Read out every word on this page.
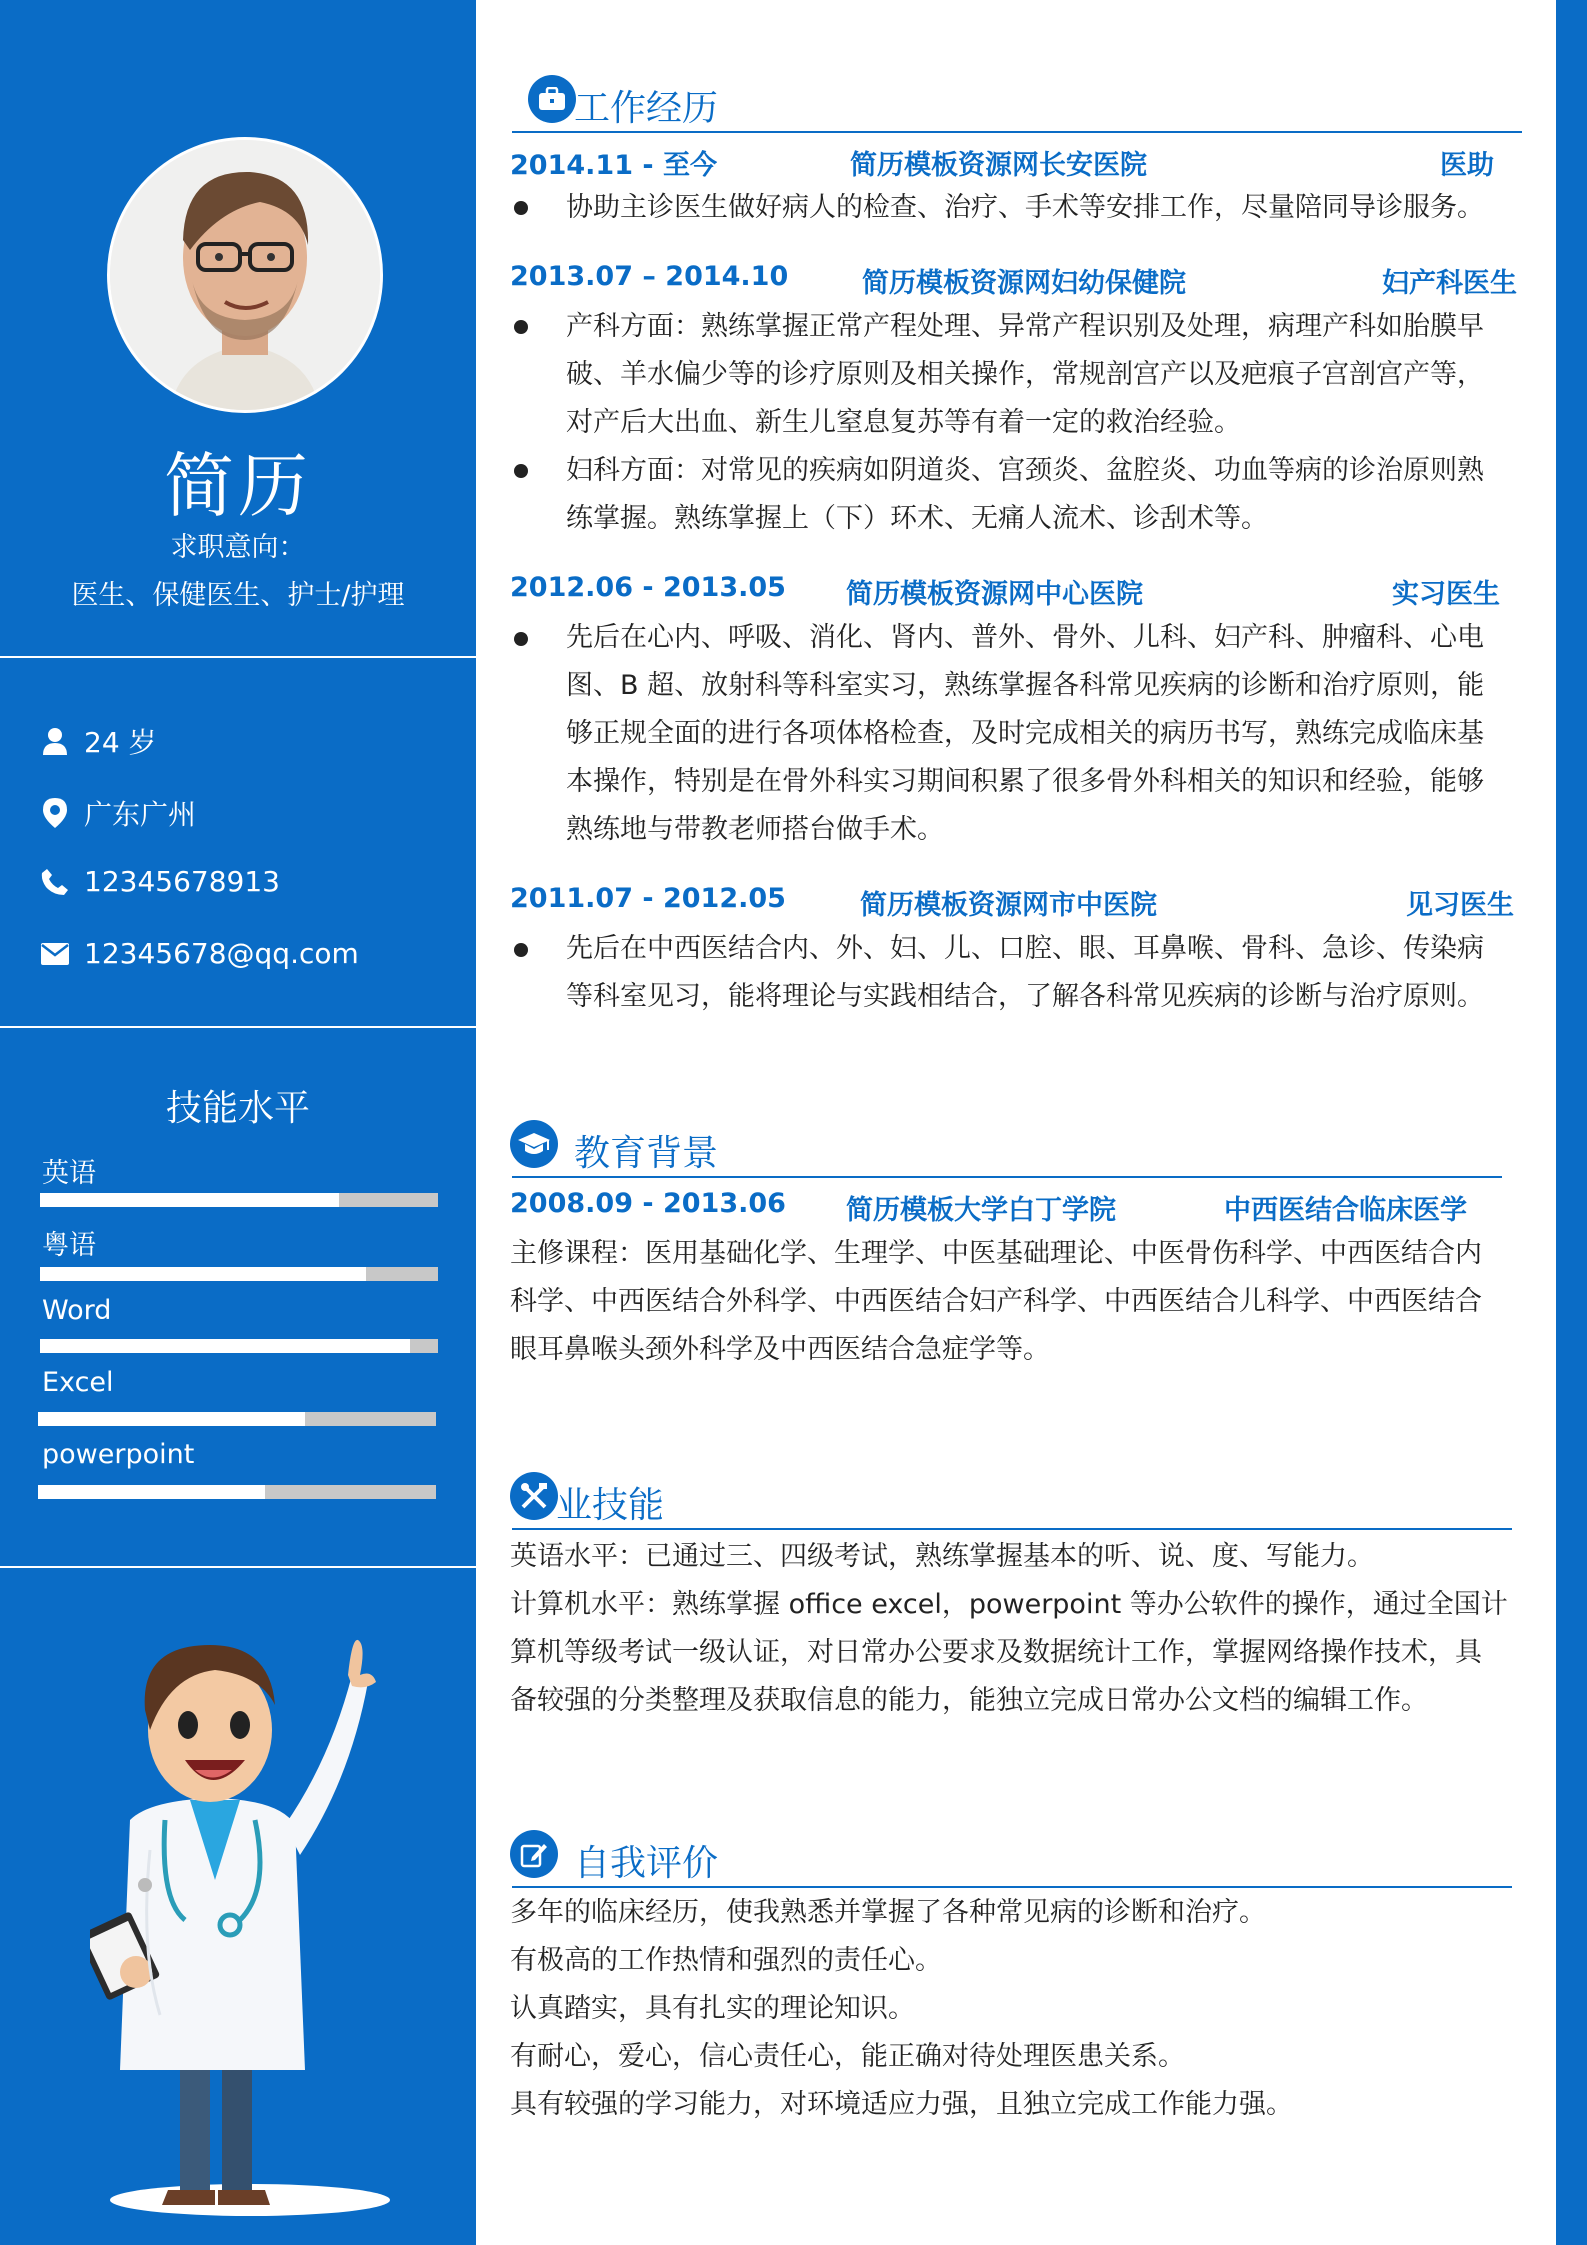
简历
求职意向：
医生、保健医生、护士/护理
24 岁
广东广州
12345678913
12345678@qq.com
技能水平
英语
粤语
Word
Excel
powerpoint
工作经历
2014.11 - 至今	简历模板资源网长安医院	医助
协助主诊医生做好病人的检查、治疗、手术等安排工作，尽量陪同导诊服务。
2013.07 – 2014.10	简历模板资源网妇幼保健院	妇产科医生
产科方面：熟练掌握正常产程处理、异常产程识别及处理，病理产科如胎膜早
破、羊水偏少等的诊疗原则及相关操作，常规剖宫产以及疤痕子宫剖宫产等，
对产后大出血、新生儿窒息复苏等有着一定的救治经验。
妇科方面：对常见的疾病如阴道炎、宫颈炎、盆腔炎、功血等病的诊治原则熟
练掌握。熟练掌握上（下）环术、无痛人流术、诊刮术等。
2012.06 - 2013.05 简历模板资源网中心医院	实习医生
先后在心内、呼吸、消化、肾内、普外、骨外、儿科、妇产科、肿瘤科、心电
图、B 超、放射科等科室实习，熟练掌握各科常见疾病的诊断和治疗原则，能
够正规全面的进行各项体格检查，及时完成相关的病历书写，熟练完成临床基
本操作，特别是在骨外科实习期间积累了很多骨外科相关的知识和经验，能够
熟练地与带教老师搭台做手术。
2011.07 - 2012.05	简历模板资源网市中医院	见习医生
先后在中西医结合内、外、妇、儿、口腔、眼、耳鼻喉、骨科、急诊、传染病
等科室见习，能将理论与实践相结合，了解各科常见疾病的诊断与治疗原则。
教育背景
2008.09 - 2013.06 简历模板大学白丁学院	中西医结合临床医学
主修课程：医用基础化学、生理学、中医基础理论、中医骨伤科学、中西医结合内
科学、中西医结合外科学、中西医结合妇产科学、中西医结合儿科学、中西医结合
眼耳鼻喉头颈外科学及中西医结合急症学等。
业技能
英语水平：已通过三、四级考试，熟练掌握基本的听、说、度、写能力。
计算机水平：熟练掌握 office excel，powerpoint 等办公软件的操作，通过全国计
算机等级考试一级认证，对日常办公要求及数据统计工作，掌握网络操作技术，具
备较强的分类整理及获取信息的能力，能独立完成日常办公文档的编辑工作。
自我评价
多年的临床经历，使我熟悉并掌握了各种常见病的诊断和治疗。
有极高的工作热情和强烈的责任心。
认真踏实，具有扎实的理论知识。
有耐心，爱心，信心责任心，能正确对待处理医患关系。
具有较强的学习能力，对环境适应力强，且独立完成工作能力强。
